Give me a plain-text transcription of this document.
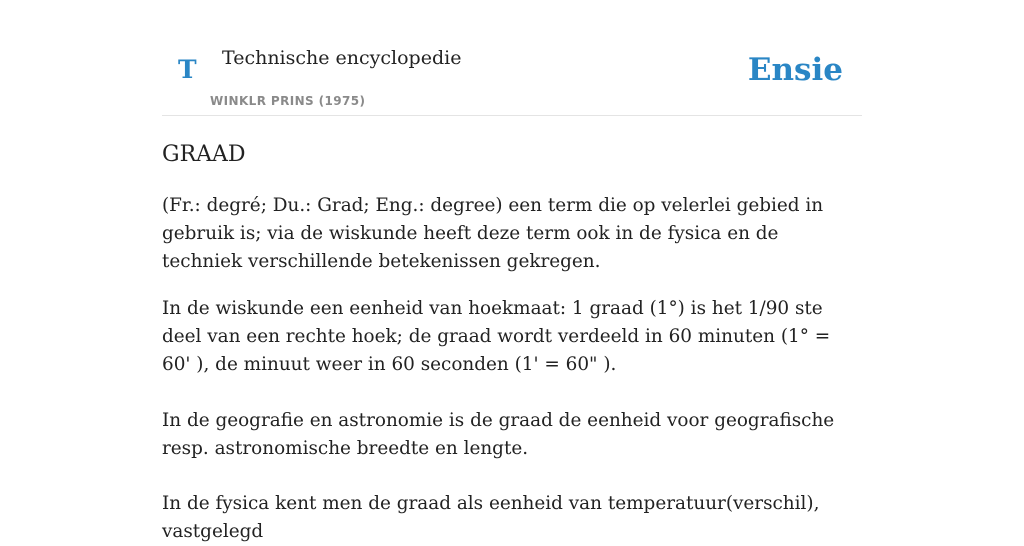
T Technische encyclopedie
WINKLR PRINS (1975)
Ensie
GRAAD

(Fr.: degré; Du.: Grad; Eng.: degree) een term die op velerlei gebied in gebruik is; via de wiskunde heeft deze term ook in de fysica en de techniek verschillende betekenissen gekregen.

In de wiskunde een eenheid van hoekmaat: 1 graad (1°) is het 1/90 ste deel van een rechte hoek; de graad wordt verdeeld in 60 minuten (1° = 60' ), de minuut weer in 60 seconden (1' = 60" ).

In de geografie en astronomie is de graad de eenheid voor geografische resp. astronomische breedte en lengte.

In de fysica kent men de graad als eenheid van temperatuur(verschil), vastgelegd
